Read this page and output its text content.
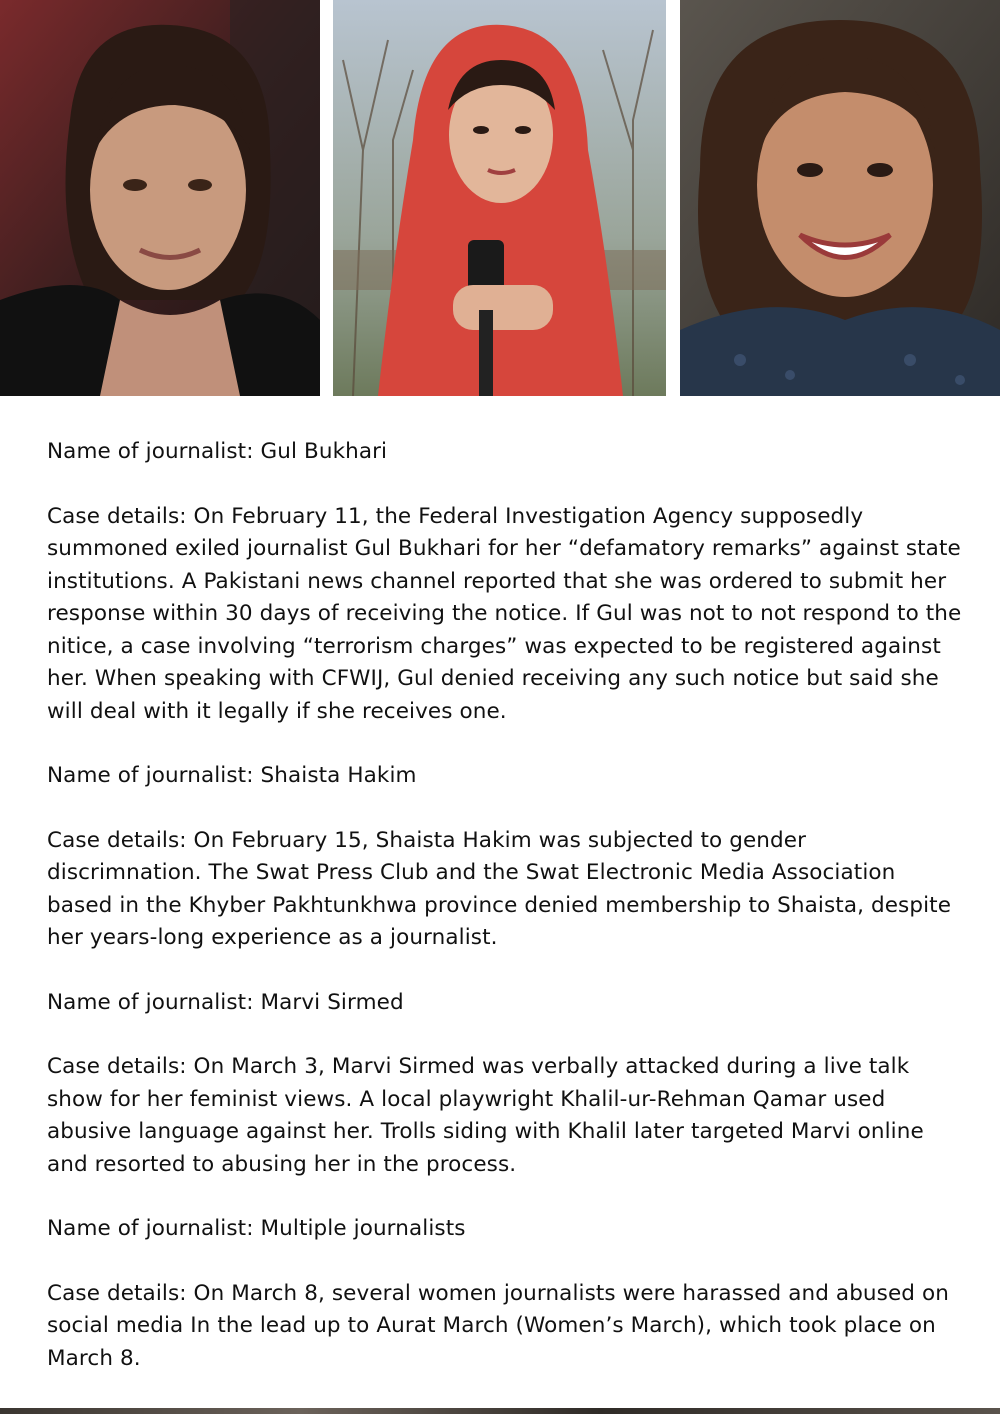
Name of journalist: Gul Bukhari

Case details: On February 11, the Federal Investigation Agency supposedly summoned exiled journalist Gul Bukhari for her “defamatory remarks” against state institutions. A Pakistani news channel reported that she was ordered to submit her response within 30 days of receiving the notice. If Gul was not to not respond to the nitice, a case involving “terrorism charges” was expected to be registered against her. When speaking with CFWIJ, Gul denied receiving any such notice but said she will deal with it legally if she receives one.

Name of journalist: Shaista Hakim

Case details: On February 15, Shaista Hakim was subjected to gender discrimnation. The Swat Press Club and the Swat Electronic Media Association based in the Khyber Pakhtunkhwa province denied membership to Shaista, despite her years-long experience as a journalist.

Name of journalist: Marvi Sirmed

Case details: On March 3, Marvi Sirmed was verbally attacked during a live talk show for her feminist views. A local playwright Khalil-ur-Rehman Qamar used abusive language against her. Trolls siding with Khalil later targeted Marvi online and resorted to abusing her in the process.

Name of journalist: Multiple journalists

Case details: On March 8, several women journalists were harassed and abused on social media In the lead up to Aurat March (Women’s March), which took place on March 8.
